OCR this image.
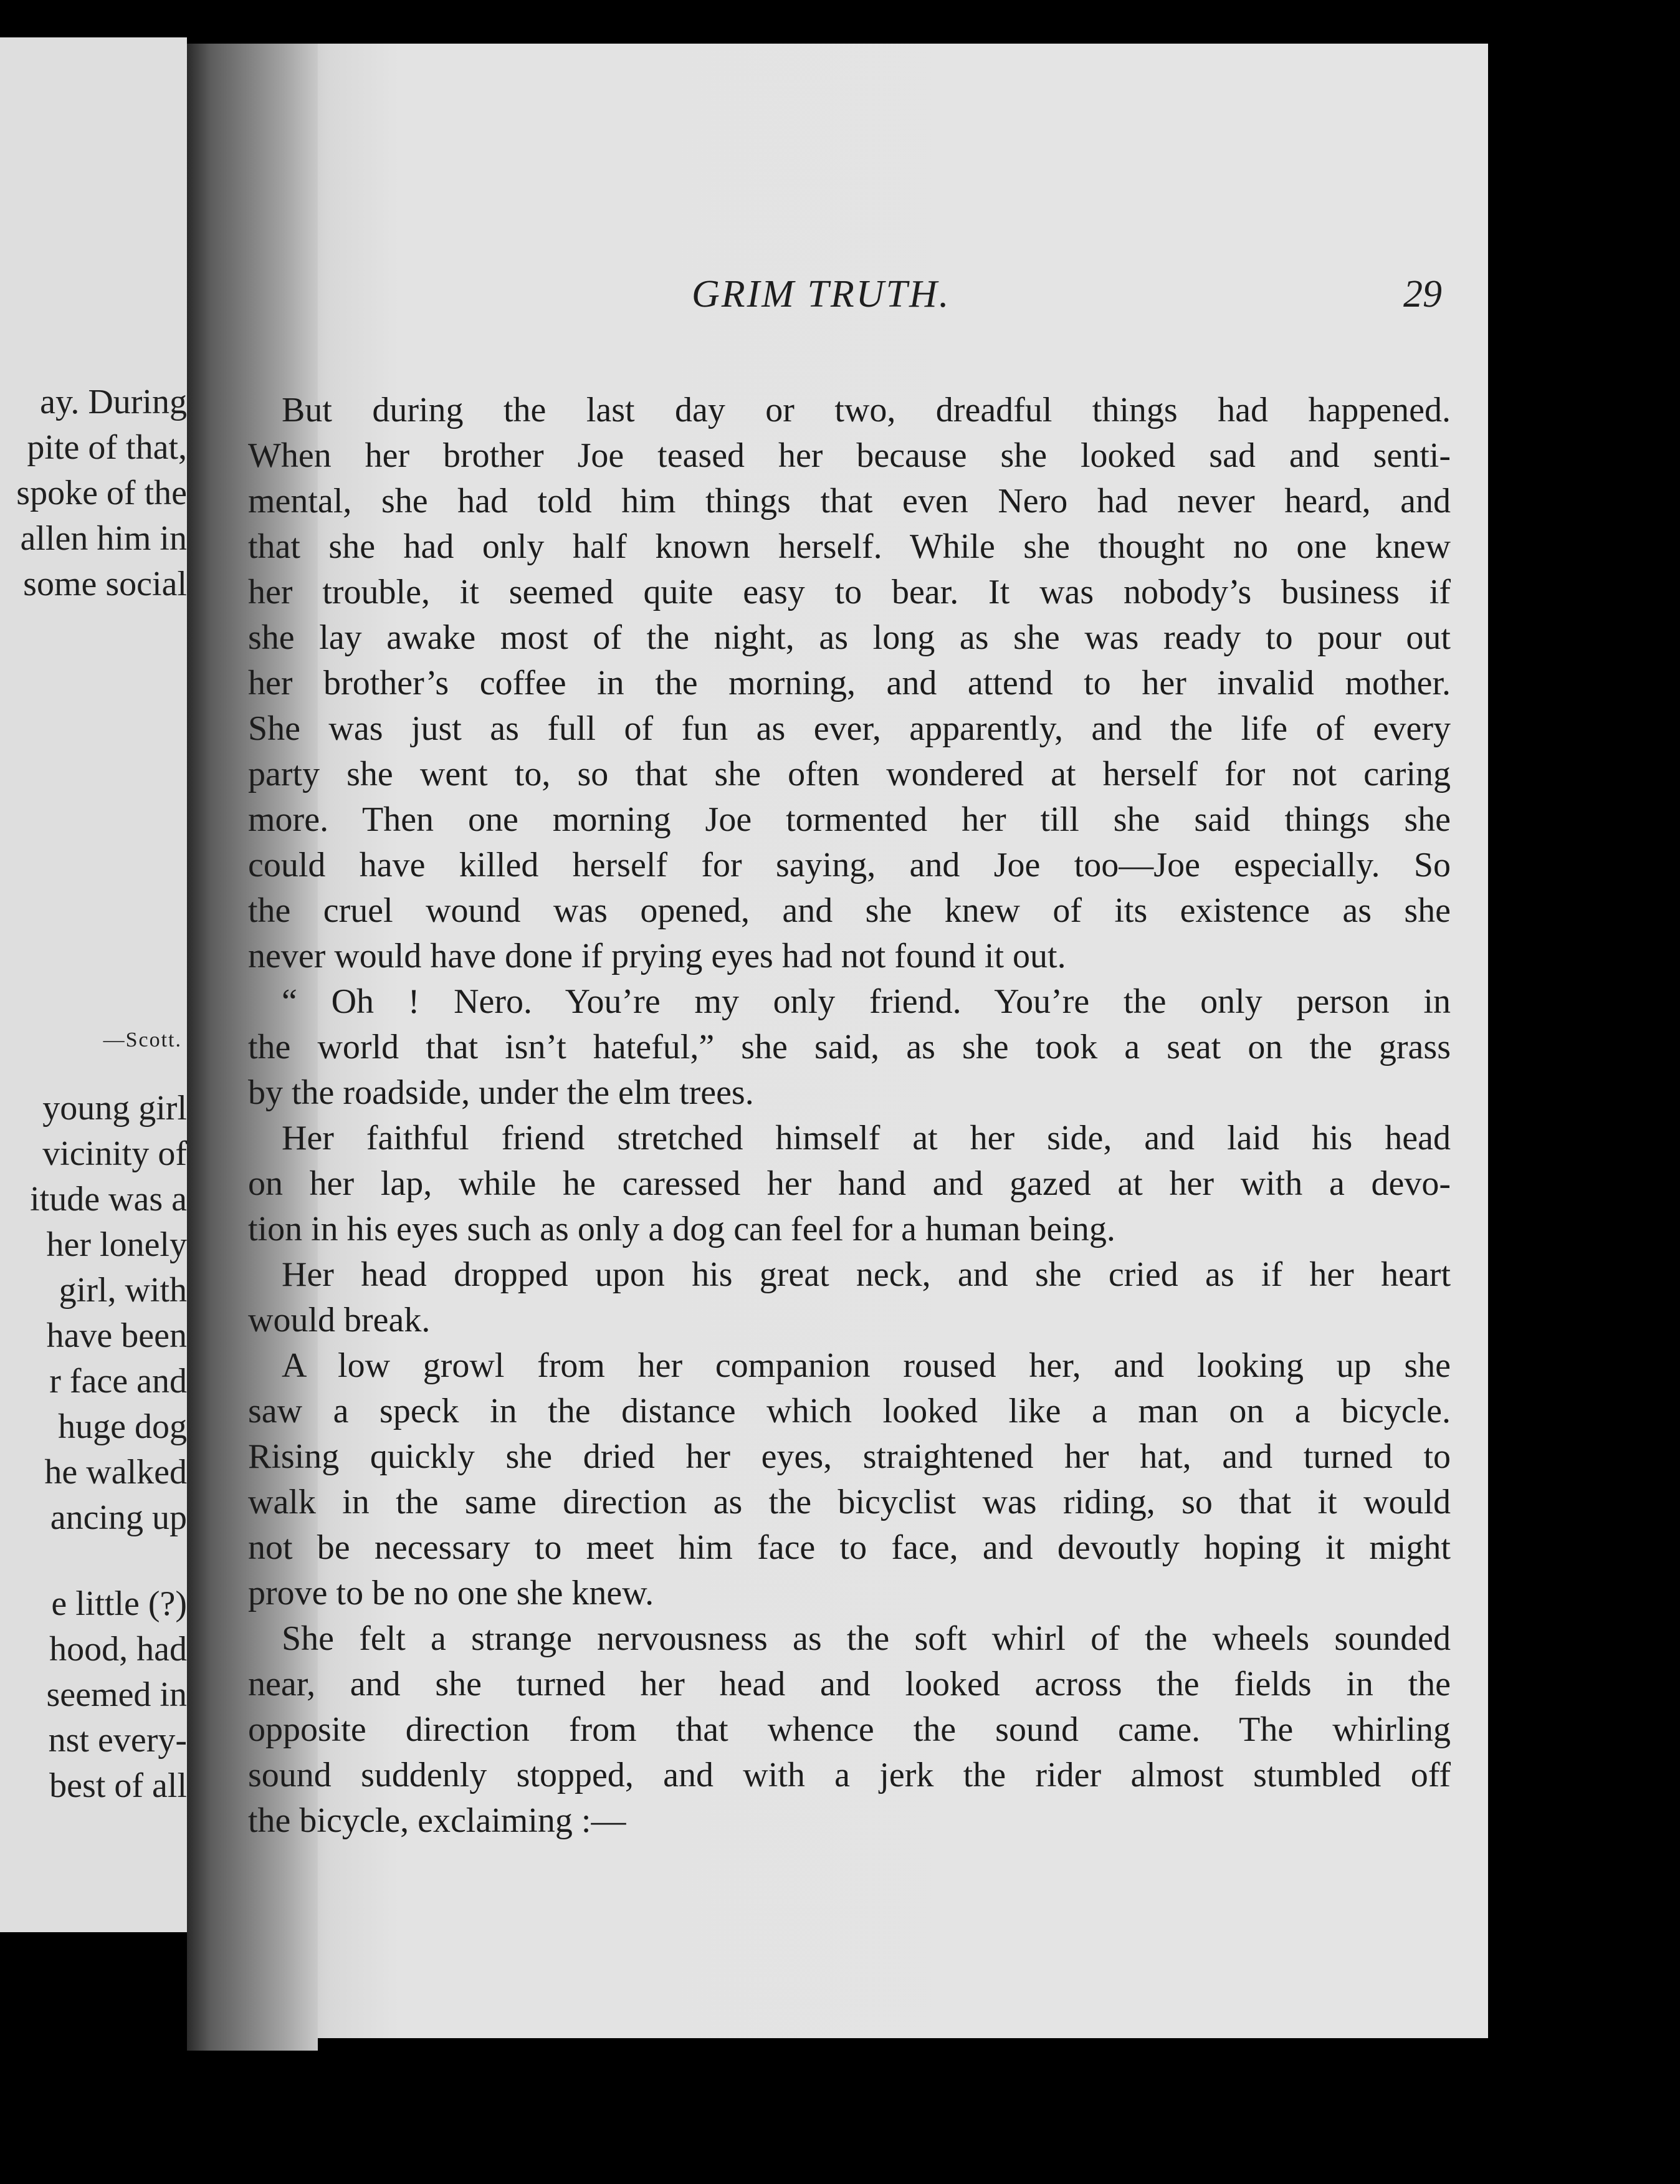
ay. During
pite of that,
spoke of the
allen him in
some social
—Scott.
young girl
vicinity of
itude was a
her lonely
girl, with
have been
r face and
huge dog
he walked
ancing up
e little (?)
hood, had
seemed in
nst every-
best of all
GRIM TRUTH.	29
But during the last day or two, dreadful things had happened.
When her brother Joe teased her because she looked sad and senti-
mental, she had told him things that even Nero had never heard, and
that she had only half known herself. While she thought no one knew
her trouble, it seemed quite easy to bear. It was nobody’s business if
she lay awake most of the night, as long as she was ready to pour out
her brother’s coffee in the morning, and attend to her invalid mother.
She was just as full of fun as ever, apparently, and the life of every
party she went to, so that she often wondered at herself for not caring
more. Then one morning Joe tormented her till she said things she
could have killed herself for saying, and Joe too—Joe especially. So
the cruel wound was opened, and she knew of its existence as she
never would have done if prying eyes had not found it out.
“ Oh ! Nero. You’re my only friend. You’re the only person in
the world that isn’t hateful,” she said, as she took a seat on the grass
by the roadside, under the elm trees.
Her faithful friend stretched himself at her side, and laid his head
on her lap, while he caressed her hand and gazed at her with a devo-
tion in his eyes such as only a dog can feel for a human being.
Her head dropped upon his great neck, and she cried as if her heart
would break.
A low growl from her companion roused her, and looking up she
saw a speck in the distance which looked like a man on a bicycle.
Rising quickly she dried her eyes, straightened her hat, and turned to
walk in the same direction as the bicyclist was riding, so that it would
not be necessary to meet him face to face, and devoutly hoping it might
prove to be no one she knew.
She felt a strange nervousness as the soft whirl of the wheels sounded
near, and she turned her head and looked across the fields in the
opposite direction from that whence the sound came. The whirling
sound suddenly stopped, and with a jerk the rider almost stumbled off
the bicycle, exclaiming :—
